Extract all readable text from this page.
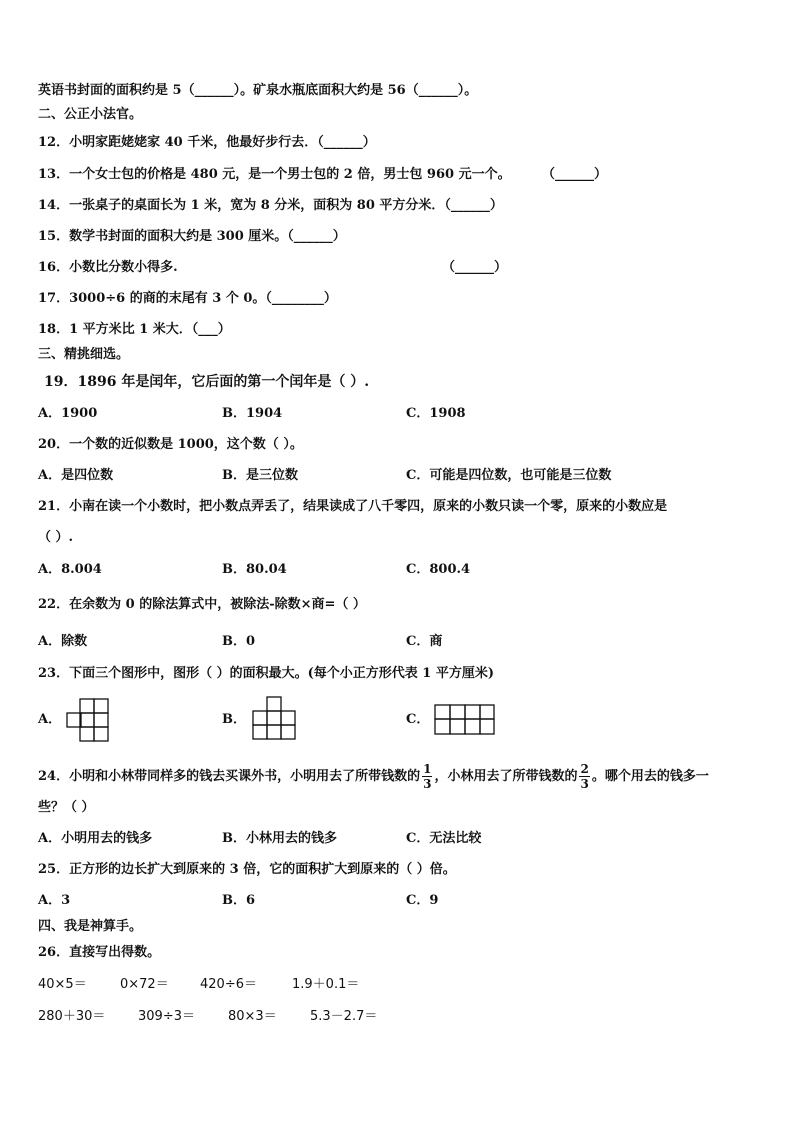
英语书封面的面积约是 5（______）。矿泉水瓶底面积大约是 56（______）。
二、公正小法官。
12．小明家距姥姥家 40 千米，他最好步行去．（______）
13．一个女士包的价格是 480 元，是一个男士包的 2 倍，男士包 960 元一个。 （______）
14．一张桌子的桌面长为 1 米，宽为 8 分米，面积为 80 平方分米．（______）
15．数学书封面的面积大约是 300 厘米。（______）
16．小数比分数小得多.	（______）
17．3000÷6 的商的末尾有 3 个 0。（________）
18．1 平方米比 1 米大．（___）
三、精挑细选。
19．1896 年是闰年，它后面的第一个闰年是（ ）.
A．1900	B．1904	C．1908
20．一个数的近似数是 1000，这个数（ ）。
A．是四位数	B．是三位数	C．可能是四位数，也可能是三位数
21．小南在读一个小数时，把小数点弄丢了，结果读成了八千零四，原来的小数只读一个零，原来的小数应是
（ ）.
A．8.004	B．80.04	C．800.4
22．在余数为 0 的除法算式中，被除法-除数×商=（ ）
A．除数	B．0	C．商
23．下面三个图形中，图形（ ）的面积最大。(每个小正方形代表 1 平方厘米)
A．	B．	C．
24．小明和小林带同样多的钱去买课外书，小明用去了所带钱数的 $\frac{1}{3}$ ，小林用去了所带钱数的 $\frac{2}{3}$ 。哪个用去的钱多一
些？（ ）
A．小明用去的钱多	B．小林用去的钱多	C．无法比较
25．正方形的边长扩大到原来的 3 倍，它的面积扩大到原来的（ ）倍。
A．3	B．6	C．9
四、我是神算手。
26．直接写出得数。
40×5＝	0×72＝ 420÷6＝	1.9＋0.1＝
280＋30＝	309÷3＝	80×3＝	5.3－2.7＝
